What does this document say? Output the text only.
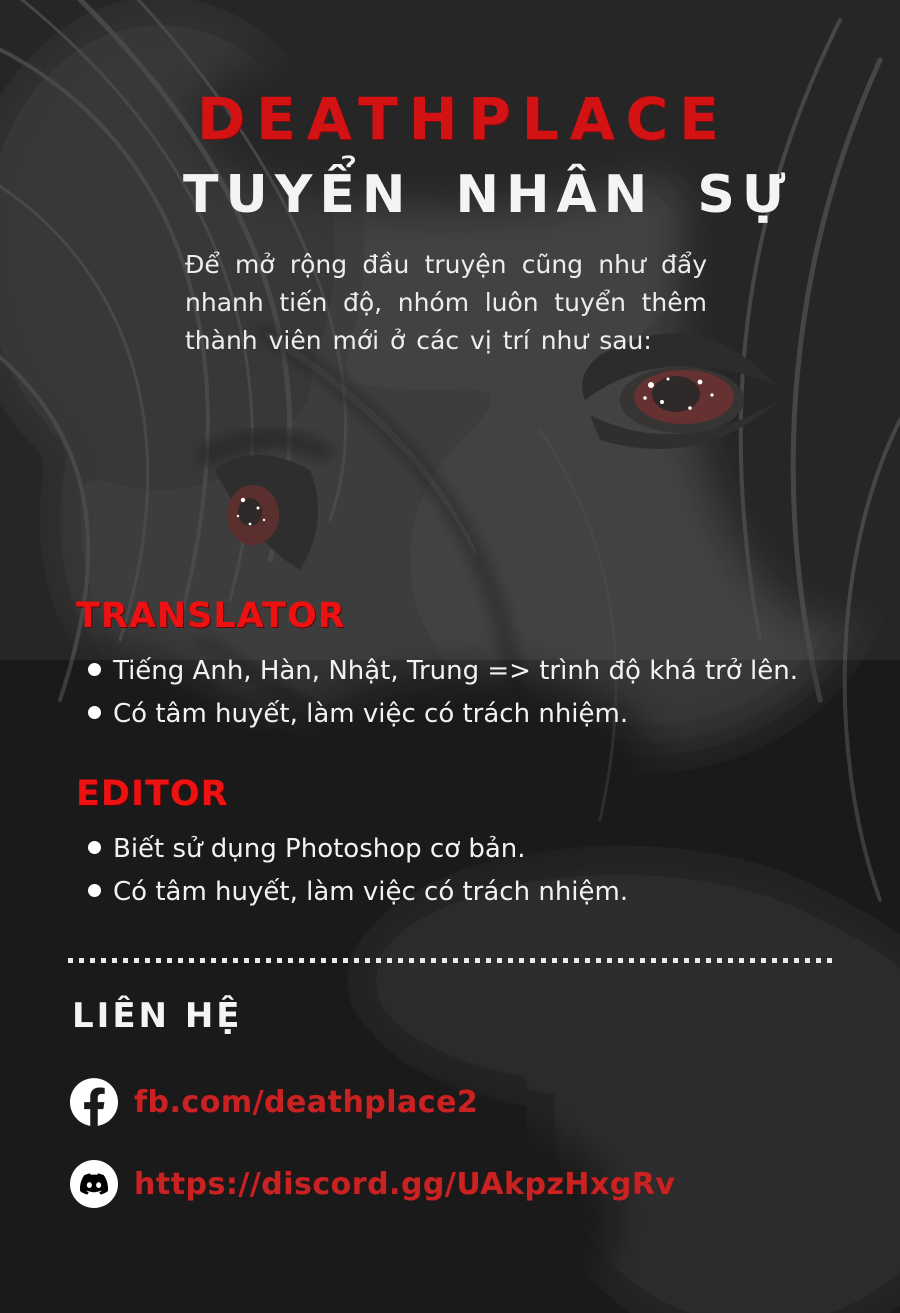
DEATHPLACE
TUYỂN NHÂN SỰ
Để mở rộng đầu truyện cũng như đẩy nhanh tiến độ, nhóm luôn tuyển thêm thành viên mới ở các vị trí như sau:
TRANSLATOR
Tiếng Anh, Hàn, Nhật, Trung => trình độ khá trở lên.
Có tâm huyết, làm việc có trách nhiệm.
EDITOR
Biết sử dụng Photoshop cơ bản.
Có tâm huyết, làm việc có trách nhiệm.
LIÊN HỆ
fb.com/deathplace2
https://discord.gg/UAkpzHxgRv
